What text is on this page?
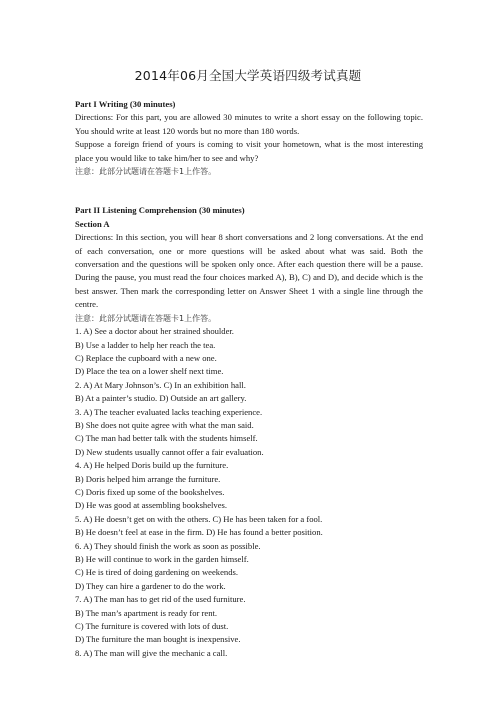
2014年06月全国大学英语四级考试真题

Part I Writing (30 minutes)

Directions: For this part, you are allowed 30 minutes to write a short essay on the following topic. You should write at least 120 words but no more than 180 words.

Suppose a foreign friend of yours is coming to visit your hometown, what is the most interesting place you would like to take him/her to see and why?

注意：此部分试题请在答题卡1上作答。

Part II Listening Comprehension (30 minutes)

Section A

Directions: In this section, you will hear 8 short conversations and 2 long conversations. At the end of each conversation, one or more questions will be asked about what was said. Both the conversation and the questions will be spoken only once. After each question there will be a pause. During the pause, you must read the four choices marked A), B), C) and D), and decide which is the best answer. Then mark the corresponding letter on Answer Sheet 1 with a single line through the centre.

注意：此部分试题请在答题卡1上作答。

1. A) See a doctor about her strained shoulder.

B) Use a ladder to help her reach the tea.

C) Replace the cupboard with a new one.

D) Place the tea on a lower shelf next time.

2. A) At Mary Johnson’s. C) In an exhibition hall.

B) At a painter’s studio. D) Outside an art gallery.

3. A) The teacher evaluated lacks teaching experience.

B) She does not quite agree with what the man said.

C) The man had better talk with the students himself.

D) New students usually cannot offer a fair evaluation.

4. A) He helped Doris build up the furniture.

B) Doris helped him arrange the furniture.

C) Doris fixed up some of the bookshelves.

D) He was good at assembling bookshelves.

5. A) He doesn’t get on with the others. C) He has been taken for a fool.

B) He doesn’t feel at ease in the firm. D) He has found a better position.

6. A) They should finish the work as soon as possible.

B) He will continue to work in the garden himself.

C) He is tired of doing gardening on weekends.

D) They can hire a gardener to do the work.

7. A) The man has to get rid of the used furniture.

B) The man’s apartment is ready for rent.

C) The furniture is covered with lots of dust.

D) The furniture the man bought is inexpensive.

8. A) The man will give the mechanic a call.
